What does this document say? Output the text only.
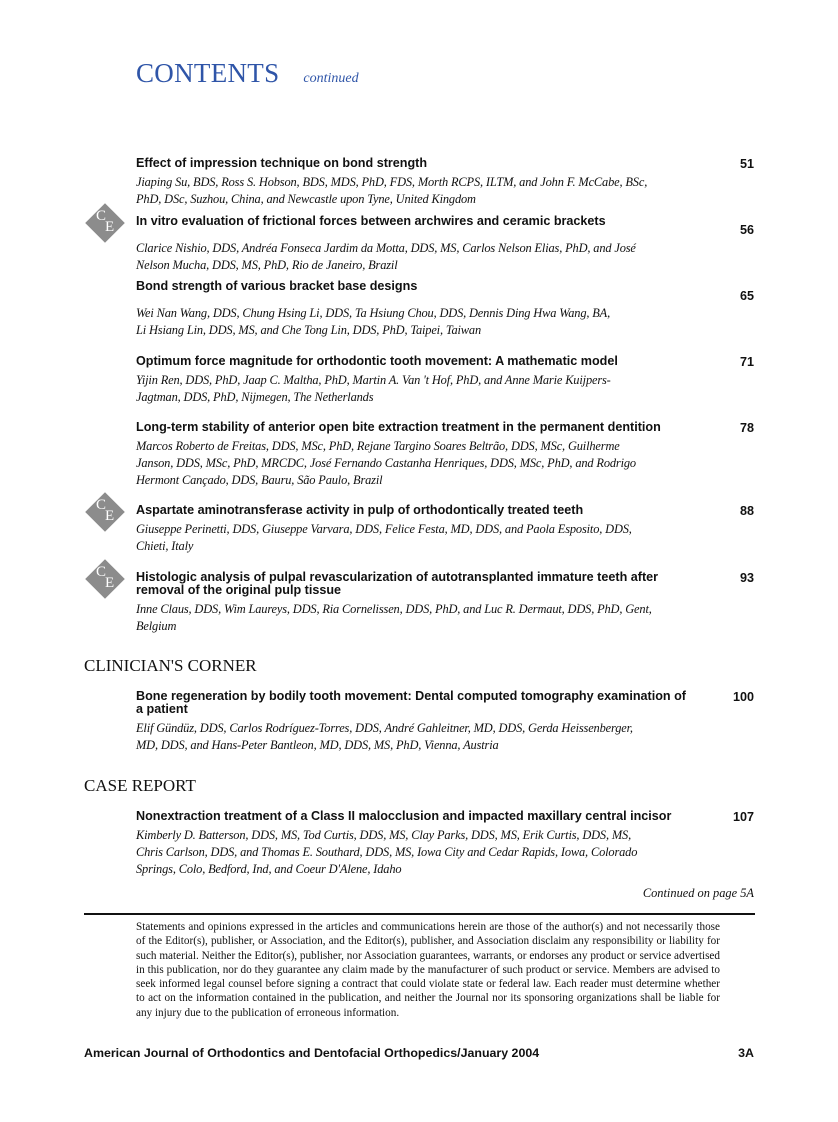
CONTENTS continued
Effect of impression technique on bond strength
Jiaping Su, BDS, Ross S. Hobson, BDS, MDS, PhD, FDS, Morth RCPS, ILTM, and John F. McCabe, BSc,
PhD, DSc, Suzhou, China, and Newcastle upon Tyne, United Kingdom
51
In vitro evaluation of frictional forces between archwires and ceramic brackets
Clarice Nishio, DDS, Andréa Fonseca Jardim da Motta, DDS, MS, Carlos Nelson Elias, PhD, and José
Nelson Mucha, DDS, MS, PhD, Rio de Janeiro, Brazil
56
C
E
Bond strength of various bracket base designs
Wei Nan Wang, DDS, Chung Hsing Li, DDS, Ta Hsiung Chou, DDS, Dennis Ding Hwa Wang, BA,
Li Hsiang Lin, DDS, MS, and Che Tong Lin, DDS, PhD, Taipei, Taiwan
65
Optimum force magnitude for orthodontic tooth movement: A mathematic model
Yijin Ren, DDS, PhD, Jaap C. Maltha, PhD, Martin A. Van 't Hof, PhD, and Anne Marie Kuijpers-
Jagtman, DDS, PhD, Nijmegen, The Netherlands
71
Long-term stability of anterior open bite extraction treatment in the permanent dentition
Marcos Roberto de Freitas, DDS, MSc, PhD, Rejane Targino Soares Beltrão, DDS, MSc, Guilherme
Janson, DDS, MSc, PhD, MRCDC, José Fernando Castanha Henriques, DDS, MSc, PhD, and Rodrigo
Hermont Cançado, DDS, Bauru, São Paulo, Brazil
78
Aspartate aminotransferase activity in pulp of orthodontically treated teeth
Giuseppe Perinetti, DDS, Giuseppe Varvara, DDS, Felice Festa, MD, DDS, and Paola Esposito, DDS,
Chieti, Italy
88
C
E
Histologic analysis of pulpal revascularization of autotransplanted immature teeth after
removal of the original pulp tissue
Inne Claus, DDS, Wim Laureys, DDS, Ria Cornelissen, DDS, PhD, and Luc R. Dermaut, DDS, PhD, Gent,
Belgium
93
C
E
Bone regeneration by bodily tooth movement: Dental computed tomography examination of
a patient
Elif Gündüz, DDS, Carlos Rodríguez-Torres, DDS, André Gahleitner, MD, DDS, Gerda Heissenberger,
MD, DDS, and Hans-Peter Bantleon, MD, DDS, MS, PhD, Vienna, Austria
100
Nonextraction treatment of a Class II malocclusion and impacted maxillary central incisor
Kimberly D. Batterson, DDS, MS, Tod Curtis, DDS, MS, Clay Parks, DDS, MS, Erik Curtis, DDS, MS,
Chris Carlson, DDS, and Thomas E. Southard, DDS, MS, Iowa City and Cedar Rapids, Iowa, Colorado
Springs, Colo, Bedford, Ind, and Coeur D'Alene, Idaho
107
CLINICIAN'S CORNER
CASE REPORT
Continued on page 5A
Statements and opinions expressed in the articles and communications herein are those of the author(s) and not necessarily those of the Editor(s), publisher, or Association, and the Editor(s), publisher, and Association disclaim any responsibility or liability for such material. Neither the Editor(s), publisher, nor Association guarantees, warrants, or endorses any product or service advertised in this publication, nor do they guarantee any claim made by the manufacturer of such product or service. Members are advised to seek informed legal counsel before signing a contract that could violate state or federal law. Each reader must determine whether to act on the information contained in the publication, and neither the Journal nor its sponsoring organizations shall be liable for any injury due to the publication of erroneous information.
American Journal of Orthodontics and Dentofacial Orthopedics/January 2004	3A
